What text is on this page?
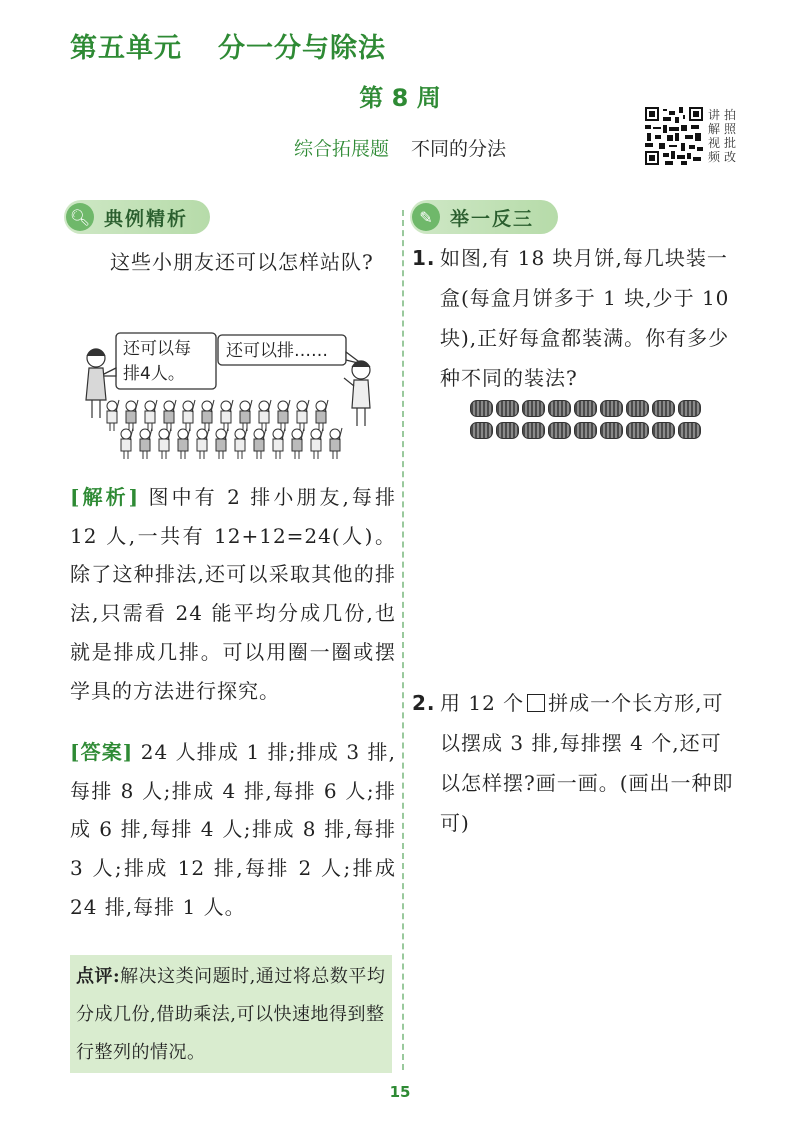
第五单元 分一分与除法
第 8 周
综合拓展题 不同的分法
讲 拍
解 照
视 批
频 改
🔍︎ 典例精析
这些小朋友还可以怎样站队?
还可以每
排4人。
还可以排……
[解析] 图中有 2 排小朋友,每排 12 人,一共有 12+12=24(人)。除了这种排法,还可以采取其他的排法,只需看 24 能平均分成几份,也就是排成几排。可以用圈一圈或摆学具的方法进行探究。
[答案] 24 人排成 1 排;排成 3 排,每排 8 人;排成 4 排,每排 6 人;排成 6 排,每排 4 人;排成 8 排,每排 3 人;排成 12 排,每排 2 人;排成 24 排,每排 1 人。
点评:解决这类问题时,通过将总数平均分成几份,借助乘法,可以快速地得到整行整列的情况。
✎ 举一反三
1. 如图,有 18 块月饼,每几块装一盒(每盒月饼多于 1 块,少于 10 块),正好每盒都装满。你有多少种不同的装法?
2. 用 12 个 拼成一个长方形,可以摆成 3 排,每排摆 4 个,还可以怎样摆?画一画。(画出一种即可)
15
